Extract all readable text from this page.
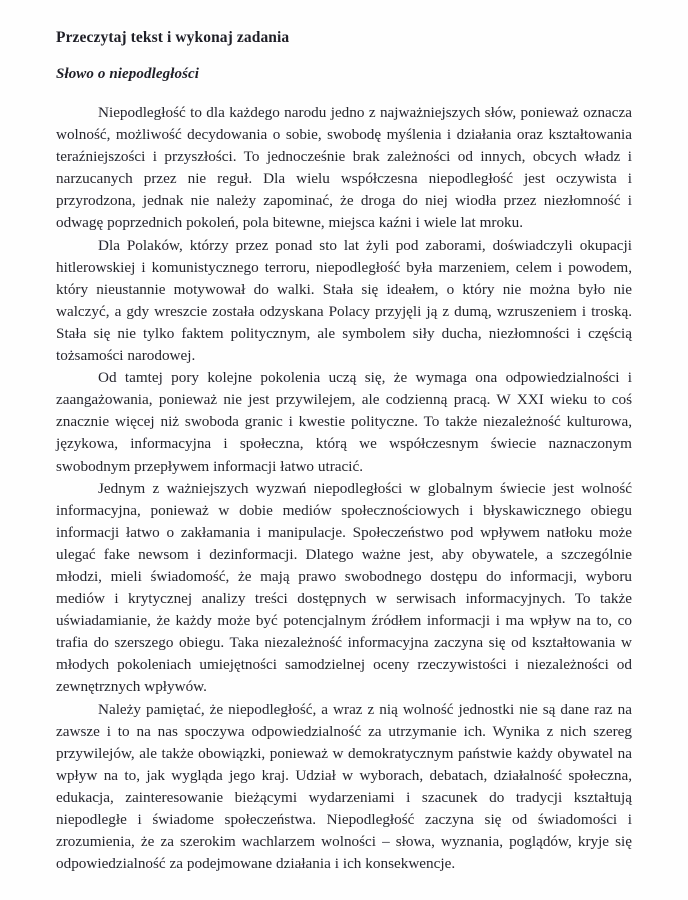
Przeczytaj tekst i wykonaj zadania
Słowo o niepodległości

Niepodległość to dla każdego narodu jedno z najważniejszych słów, ponieważ oznacza wolność, możliwość decydowania o sobie, swobodę myślenia i działania oraz kształtowania teraźniejszości i przyszłości. To jednocześnie brak zależności od innych, obcych władz i narzucanych przez nie reguł. Dla wielu współczesna niepodległość jest oczywista i przyrodzona, jednak nie należy zapominać, że droga do niej wiodła przez niezłomność i odwagę poprzednich pokoleń, pola bitewne, miejsca kaźni i wiele lat mroku.

Dla Polaków, którzy przez ponad sto lat żyli pod zaborami, doświadczyli okupacji hitlerowskiej i komunistycznego terroru, niepodległość była marzeniem, celem i powodem, który nieustannie motywował do walki. Stała się ideałem, o który nie można było nie walczyć, a gdy wreszcie została odzyskana Polacy przyjęli ją z dumą, wzruszeniem i troską. Stała się nie tylko faktem politycznym, ale symbolem siły ducha, niezłomności i częścią tożsamości narodowej.

Od tamtej pory kolejne pokolenia uczą się, że wymaga ona odpowiedzialności i zaangażowania, ponieważ nie jest przywilejem, ale codzienną pracą. W XXI wieku to coś znacznie więcej niż swoboda granic i kwestie polityczne. To także niezależność kulturowa, językowa, informacyjna i społeczna, którą we współczesnym świecie naznaczonym swobodnym przepływem informacji łatwo utracić.

Jednym z ważniejszych wyzwań niepodległości w globalnym świecie jest wolność informacyjna, ponieważ w dobie mediów społecznościowych i błyskawicznego obiegu informacji łatwo o zakłamania i manipulacje. Społeczeństwo pod wpływem natłoku może ulegać fake newsom i dezinformacji. Dlatego ważne jest, aby obywatele, a szczególnie młodzi, mieli świadomość, że mają prawo swobodnego dostępu do informacji, wyboru mediów i krytycznej analizy treści dostępnych w serwisach informacyjnych. To także uświadamianie, że każdy może być potencjalnym źródłem informacji i ma wpływ na to, co trafia do szerszego obiegu. Taka niezależność informacyjna zaczyna się od kształtowania w młodych pokoleniach umiejętności samodzielnej oceny rzeczywistości i niezależności od zewnętrznych wpływów.

Należy pamiętać, że niepodległość, a wraz z nią wolność jednostki nie są dane raz na zawsze i to na nas spoczywa odpowiedzialność za utrzymanie ich. Wynika z nich szereg przywilejów, ale także obowiązki, ponieważ w demokratycznym państwie każdy obywatel na wpływ na to, jak wygląda jego kraj. Udział w wyborach, debatach, działalność społeczna, edukacja, zainteresowanie bieżącymi wydarzeniami i szacunek do tradycji kształtują niepodległe i świadome społeczeństwa. Niepodległość zaczyna się od świadomości i zrozumienia, że za szerokim wachlarzem wolności – słowa, wyznania, poglądów, kryje się odpowiedzialność za podejmowane działania i ich konsekwencje.
